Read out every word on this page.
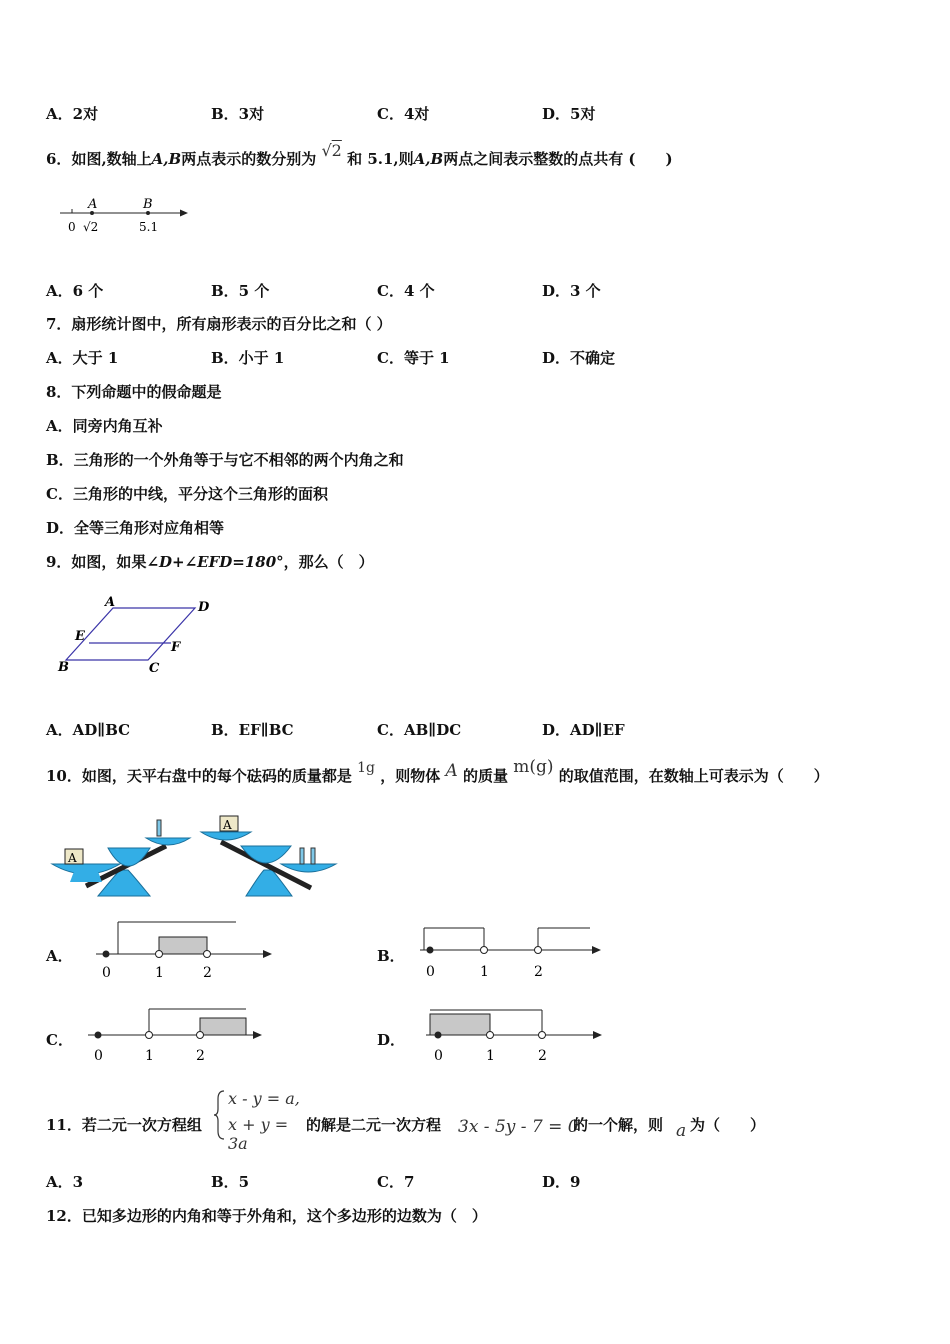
A．2对	B．3对	C．4对	D．5对
6．如图,数轴上A,B两点表示的数分别为 √2 和 5.1,则A,B两点之间表示整数的点共有 (　　)
A	B
0 √2	5.1
A．6 个	B．5 个	C．4 个	D．3 个
7．扇形统计图中，所有扇形表示的百分比之和（ ）
A．大于 1	B．小于 1	C．等于 1	D．不确定
8．下列命题中的假命题是
A．同旁内角互补
B．三角形的一个外角等于与它不相邻的两个内角之和
C．三角形的中线，平分这个三角形的面积
D．全等三角形对应角相等
9．如图，如果∠D+∠EFD=180°，那么（　）
A	D
E
F
B	C
A．AD∥BC	B．EF∥BC	C．AB∥DC	D．AD∥EF
10．如图，天平右盘中的每个砝码的质量都是 1g ，则物体 A 的质量 m(g) 的取值范围，在数轴上可表示为（　　）
A
A
A．
0	1	2
B．
0	1	2
C．
0	1	2
D．
0	1	2
11．若二元一次方程组
x - y = a,
x + y = 3a
的解是二元一次方程 3x - 5y - 7 = 0
的一个解，则 a 为（　　）
A．3	B．5	C．7	D．9
12．已知多边形的内角和等于外角和，这个多边形的边数为（　）
